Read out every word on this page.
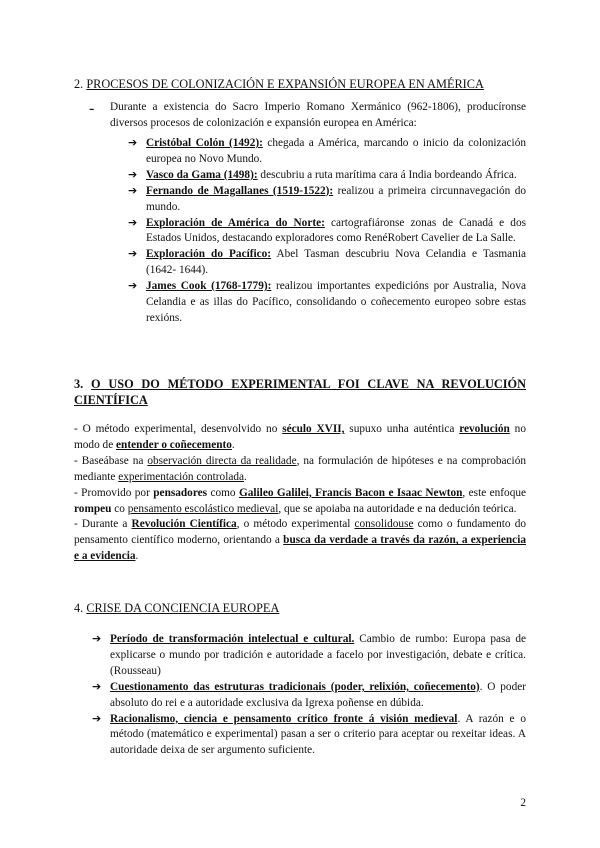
2. PROCESOS DE COLONIZACIÓN E EXPANSIÓN EUROPEA EN AMÉRICA
- Durante a existencia do Sacro Imperio Romano Xermánico (962-1806), producíronse diversos procesos de colonización e expansión europea en América:

➔ Cristóbal Colón (1492): chegada a América, marcando o inicio da colonización europea no Novo Mundo.

➔ Vasco da Gama (1498): descubriu a ruta marítima cara á India bordeando África.

➔ Fernando de Magallanes (1519-1522): realizou a primeira circunnavegación do mundo.

➔ Exploración de América do Norte: cartografiáronse zonas de Canadá e dos Estados Unidos, destacando exploradores como RenéRobert Cavelier de La Salle.

➔ Exploración do Pacífico: Abel Tasman descubriu Nova Celandia e Tasmania (1642- 1644).

➔ James Cook (1768-1779): realizou importantes expedicións por Australia, Nova Celandia e as illas do Pacífico, consolidando o coñecemento europeo sobre estas rexións.

3. O USO DO MÉTODO EXPERIMENTAL FOI CLAVE NA REVOLUCIÓN CIENTÍFICA

- O método experimental, desenvolvido no século XVII, supuxo unha auténtica revolución no modo de entender o coñecemento.

- Baseábase na observación directa da realidade, na formulación de hipóteses e na comprobación mediante experimentación controlada.

- Promovido por pensadores como Galileo Galilei, Francis Bacon e Isaac Newton, este enfoque rompeu co pensamento escolástico medieval, que se apoiaba na autoridade e na dedución teórica.

- Durante a Revolución Científica, o método experimental consolidouse como o fundamento do pensamento científico moderno, orientando a busca da verdade a través da razón, a experiencia e a evidencia.

4. CRISE DA CONCIENCIA EUROPEA
➔ Período de transformación intelectual e cultural. Cambio de rumbo: Europa pasa de explicarse o mundo por tradición e autoridade a facelo por investigación, debate e crítica. (Rousseau)

➔ Cuestionamento das estruturas tradicionais (poder, relixión, coñecemento). O poder absoluto do rei e a autoridade exclusiva da Igrexa poñense en dúbida.

➔ Racionalismo, ciencia e pensamento crítico fronte á visión medieval. A razón e o método (matemático e experimental) pasan a ser o criterio para aceptar ou rexeitar ideas. A autoridade deixa de ser argumento suficiente.

2
